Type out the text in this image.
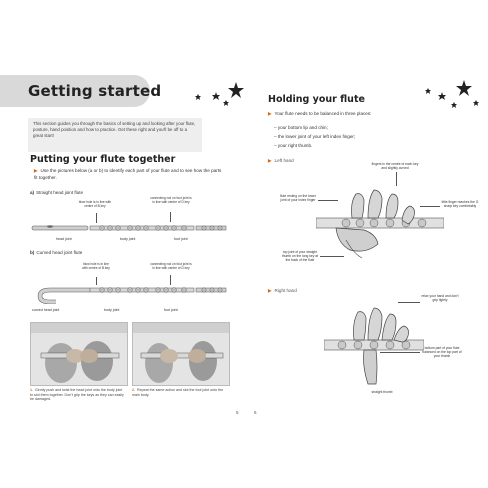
Getting started
This section guides you through the basics of setting up and looking after your flute, posture, hand position and how to practice. Get these right and you'll be off to a great start!
Putting your flute together
▶ Use the pictures below (a or b) to identify each part of your flute and to see how the parts fit together.
a) Straight head joint flute
blow hole is in line with centre of B key
connecting rod on foot joint is in line with centre of D key
head joint	body joint	foot joint
b) Curved head joint flute
blow hole is in line with centre of B key
connecting rod on foot joint is in line with centre of D key
curved head joint	body joint	foot joint
1. Gently push and twist the head joint onto the body joint to slot them together. Don't grip the keys as they can easily be damaged.
2. Repeat the same action and slot the foot joint onto the main body.
5
Holding your flute
▶ Your flute needs to be balanced in three places:
– your bottom lip and chin;
– the lower joint of your left index finger;
– your right thumb.
▶ Left hand
fingers in the centre of each key and slightly curved
flute resting on the lower joint of your index finger	little finger reaches the G sharp key comfortably
top joint of your straight thumb on the long key at the back of the flute
▶ Right hand
relax your hand and don't grip tightly
bottom part of your flute balanced on the top part of your thumb
straight thumb
6
